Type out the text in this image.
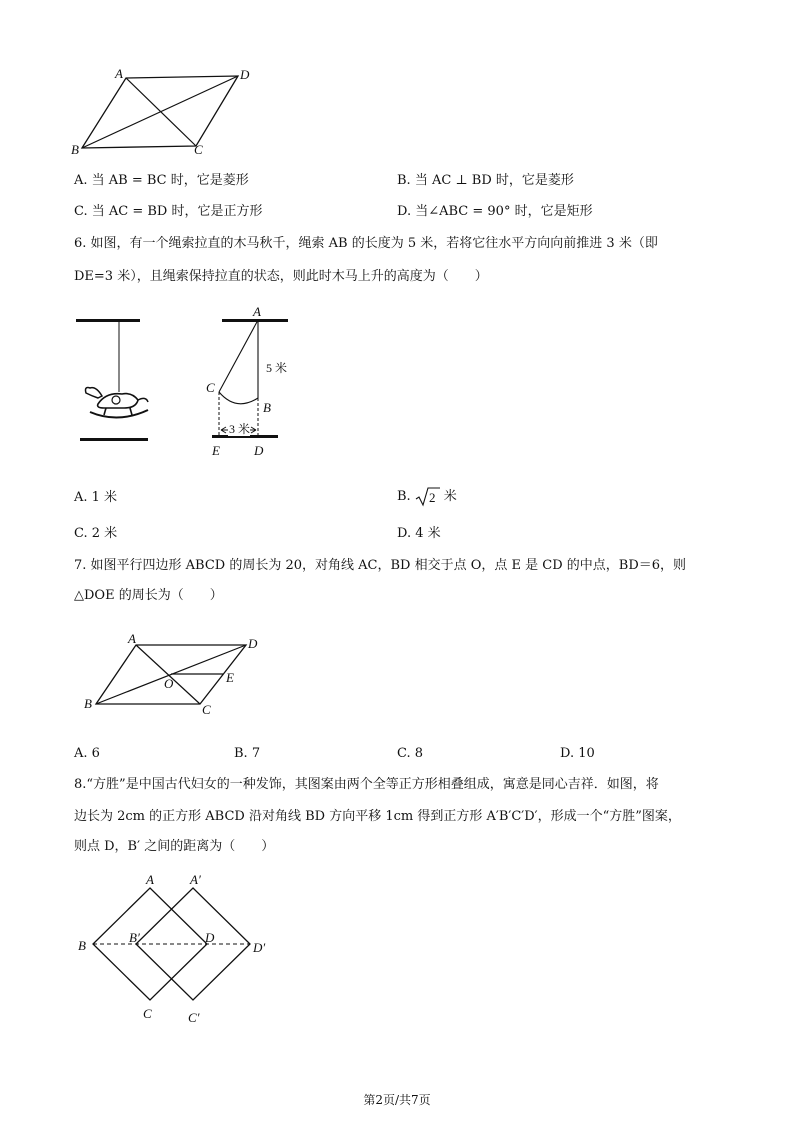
A	D
B	C
A. 当 AB = BC 时，它是菱形	B. 当 AC ⊥ BD 时，它是菱形
C. 当 AC = BD 时，它是正方形	D. 当∠ABC = 90° 时，它是矩形
6. 如图，有一个绳索拉直的木马秋千，绳索 AB 的长度为 5 米，若将它往水平方向向前推进 3 米（即
DE=3 米），且绳索保持拉直的状态，则此时木马上升的高度为（　　）
3 米
5 米
A
C
B
E	D
A. 1 米	B. 2 米
C. 2 米	D. 4 米
7. 如图平行四边形 ABCD 的周长为 20，对角线 AC，BD 相交于点 O，点 E 是 CD 的中点，BD＝6，则
△DOE 的周长为（　　）
A	D
B	C
O	E
A. 6	B. 7	C. 8	D. 10
8.“方胜”是中国古代妇女的一种发饰，其图案由两个全等正方形相叠组成，寓意是同心吉祥．如图，将
边长为 2cm 的正方形 ABCD 沿对角线 BD 方向平移 1cm 得到正方形 A′B′C′D′，形成一个“方胜”图案，
则点 D，B′ 之间的距离为（　　）
A	A′
B
B′	D
D′
C	C′
第2页/共7页
